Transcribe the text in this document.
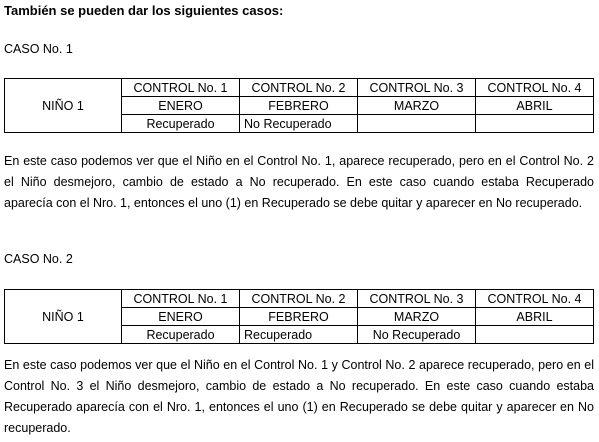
También se pueden dar los siguientes casos:
CASO No. 1
NIÑO 1	CONTROL No. 1	CONTROL No. 2	CONTROL No. 3	CONTROL No. 4
	ENERO	FEBRERO	MARZO	ABRIL
	Recuperado	No Recuperado		

En este caso podemos ver que el Niño en el Control No. 1, aparece recuperado, pero en el Control No. 2 el Niño desmejoro, cambio de estado a No recuperado. En este caso cuando estaba Recuperado aparecía con el Nro. 1, entonces el uno (1) en Recuperado se debe quitar y aparecer en No recuperado.

CASO No. 2
NIÑO 1	CONTROL No. 1	CONTROL No. 2	CONTROL No. 3	CONTROL No. 4
	ENERO	FEBRERO	MARZO	ABRIL
	Recuperado	Recuperado	No Recuperado	

En este caso podemos ver que el Niño en el Control No. 1 y Control No. 2 aparece recuperado, pero en el Control No. 3 el Niño desmejoro, cambio de estado a No recuperado. En este caso cuando estaba Recuperado aparecía con el Nro. 1, entonces el uno (1) en Recuperado se debe quitar y aparecer en No recuperado.
